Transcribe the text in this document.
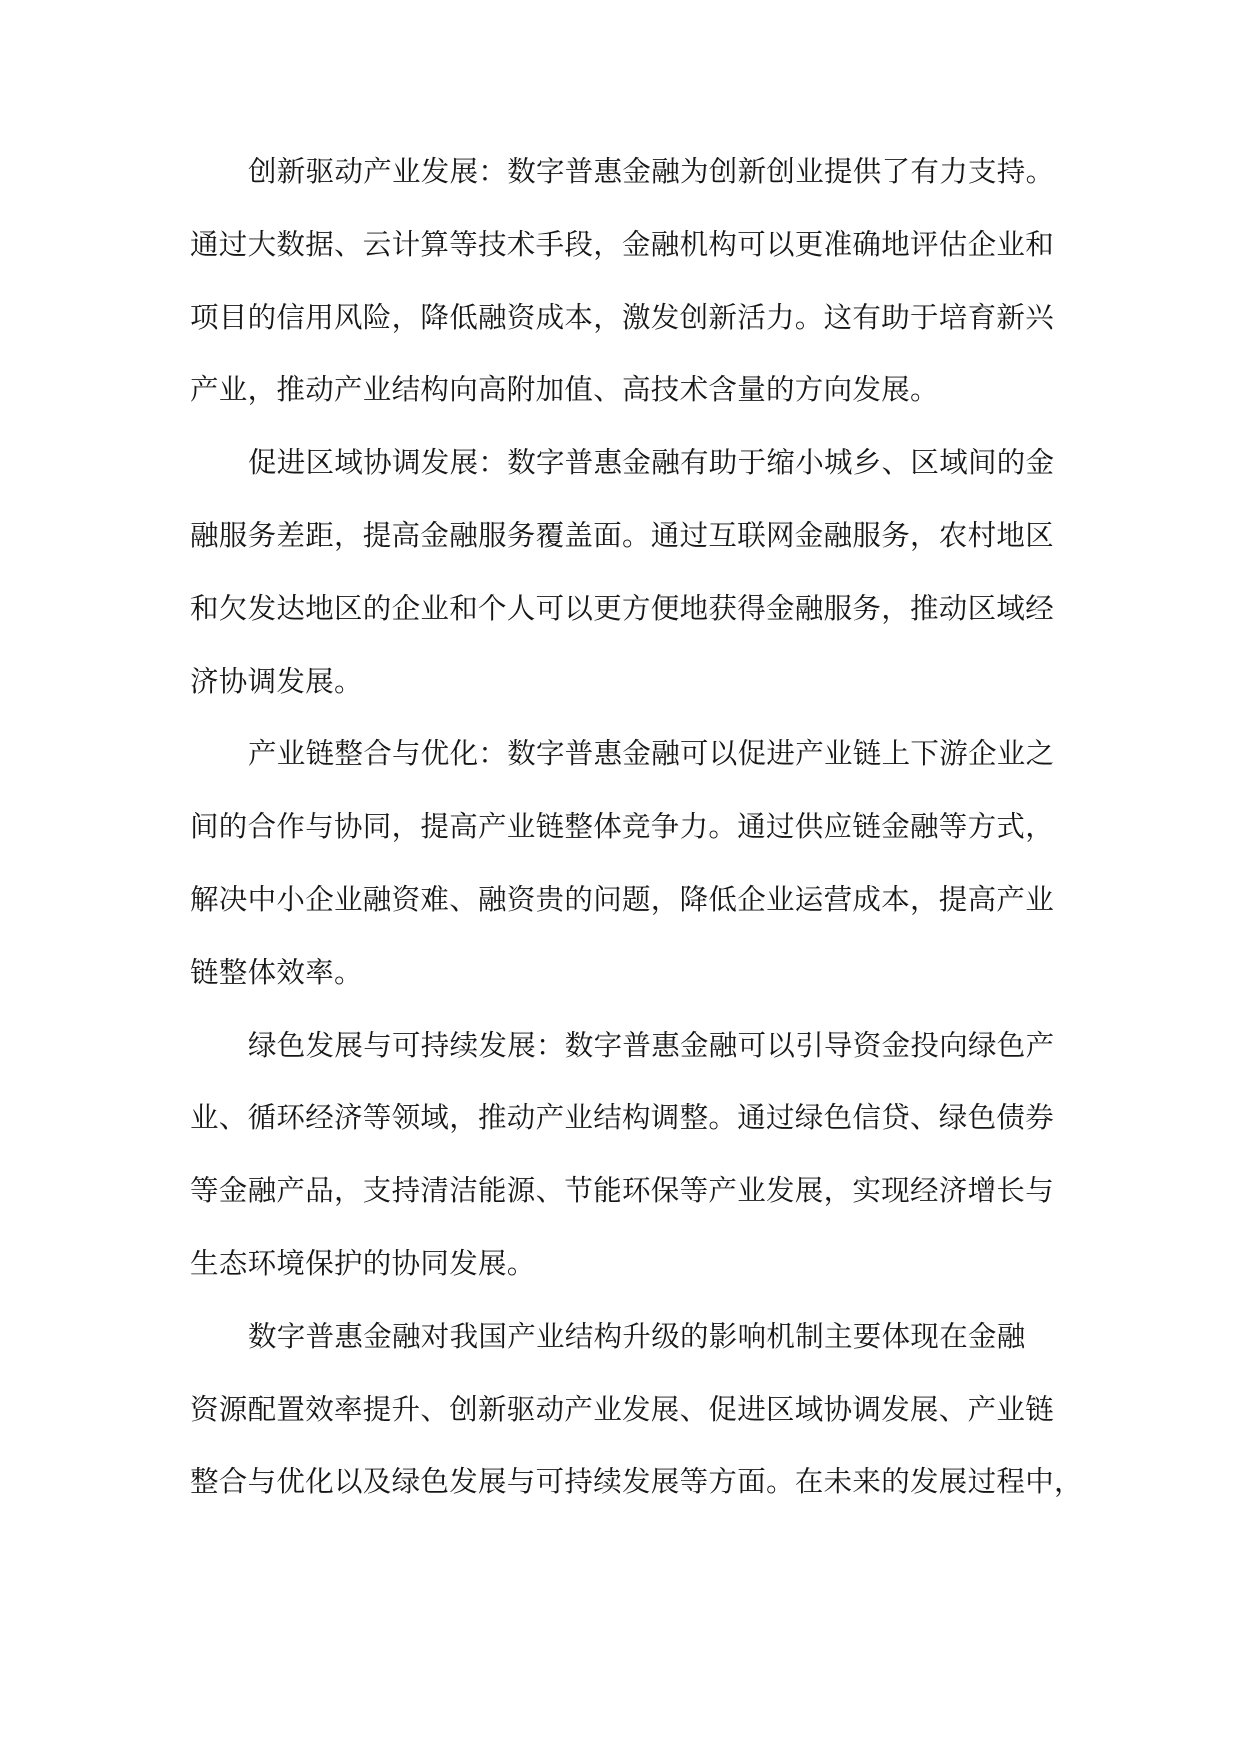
创新驱动产业发展：数字普惠金融为创新创业提供了有力支持。
通过大数据、云计算等技术手段，金融机构可以更准确地评估企业和
项目的信用风险，降低融资成本，激发创新活力。这有助于培育新兴
产业，推动产业结构向高附加值、高技术含量的方向发展。
促进区域协调发展：数字普惠金融有助于缩小城乡、区域间的金
融服务差距，提高金融服务覆盖面。通过互联网金融服务，农村地区
和欠发达地区的企业和个人可以更方便地获得金融服务，推动区域经
济协调发展。
产业链整合与优化：数字普惠金融可以促进产业链上下游企业之
间的合作与协同，提高产业链整体竞争力。通过供应链金融等方式，
解决中小企业融资难、融资贵的问题，降低企业运营成本，提高产业
链整体效率。
绿色发展与可持续发展：数字普惠金融可以引导资金投向绿色产
业、循环经济等领域，推动产业结构调整。通过绿色信贷、绿色债券
等金融产品，支持清洁能源、节能环保等产业发展，实现经济增长与
生态环境保护的协同发展。
数字普惠金融对我国产业结构升级的影响机制主要体现在金融
资源配置效率提升、创新驱动产业发展、促进区域协调发展、产业链
整合与优化以及绿色发展与可持续发展等方面。在未来的发展过程中，
